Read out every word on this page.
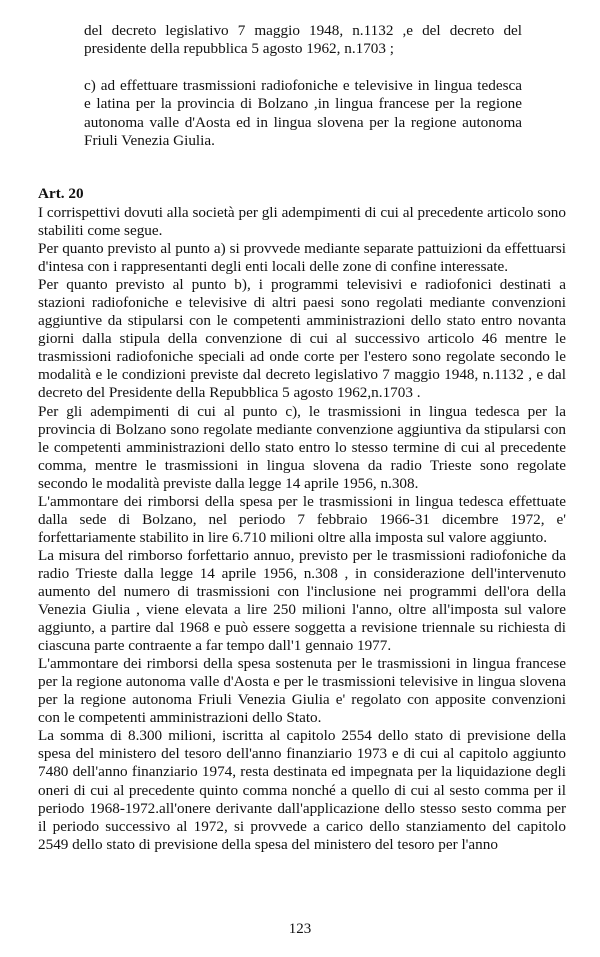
del decreto legislativo 7 maggio 1948, n.1132 ,e del decreto del presidente della repubblica 5 agosto 1962, n.1703 ;

c) ad effettuare trasmissioni radiofoniche e televisive in lingua tedesca e latina per la provincia di Bolzano ,in lingua francese per la regione autonoma valle d'Aosta ed in lingua slovena per la regione autonoma Friuli Venezia Giulia.

Art. 20

I corrispettivi dovuti alla società per gli adempimenti di cui al precedente articolo sono stabiliti come segue.

Per quanto previsto al punto a) si provvede mediante separate pattuizioni da effettuarsi d'intesa con i rappresentanti degli enti locali delle zone di confine interessate.

Per quanto previsto al punto b), i programmi televisivi e radiofonici destinati a stazioni radiofoniche e televisive di altri paesi sono regolati mediante convenzioni aggiuntive da stipularsi con le competenti amministrazioni dello stato entro novanta giorni dalla stipula della convenzione di cui al successivo articolo 46 mentre le trasmissioni radiofoniche speciali ad onde corte per l'estero sono regolate secondo le modalità e le condizioni previste dal decreto legislativo 7 maggio 1948, n.1132 , e dal decreto del Presidente della Repubblica 5 agosto 1962,n.1703 .

Per gli adempimenti di cui al punto c), le trasmissioni in lingua tedesca per la provincia di Bolzano sono regolate mediante convenzione aggiuntiva da stipularsi con le competenti amministrazioni dello stato entro lo stesso termine di cui al precedente comma, mentre le trasmissioni in lingua slovena da radio Trieste sono regolate secondo le modalità previste dalla legge 14 aprile 1956, n.308.

L'ammontare dei rimborsi della spesa per le trasmissioni in lingua tedesca effettuate dalla sede di Bolzano, nel periodo 7 febbraio 1966-31 dicembre 1972, e' forfettariamente stabilito in lire 6.710 milioni oltre alla imposta sul valore aggiunto.

La misura del rimborso forfettario annuo, previsto per le trasmissioni radiofoniche da radio Trieste dalla legge 14 aprile 1956, n.308 , in considerazione dell'intervenuto aumento del numero di trasmissioni con l'inclusione nei programmi dell'ora della Venezia Giulia , viene elevata a lire 250 milioni l'anno, oltre all'imposta sul valore aggiunto, a partire dal 1968 e può essere soggetta a revisione triennale su richiesta di ciascuna parte contraente a far tempo dall'1 gennaio 1977.

L'ammontare dei rimborsi della spesa sostenuta per le trasmissioni in lingua francese per la regione autonoma valle d'Aosta e per le trasmissioni televisive in lingua slovena per la regione autonoma Friuli Venezia Giulia e' regolato con apposite convenzioni con le competenti amministrazioni dello Stato.

La somma di 8.300 milioni, iscritta al capitolo 2554 dello stato di previsione della spesa del ministero del tesoro dell'anno finanziario 1973 e di cui al capitolo aggiunto 7480 dell'anno finanziario 1974, resta destinata ed impegnata per la liquidazione degli oneri di cui al precedente quinto comma nonché a quello di cui al sesto comma per il periodo 1968-1972.all'onere derivante dall'applicazione dello stesso sesto comma per il periodo successivo al 1972, si provvede a carico dello stanziamento del capitolo 2549 dello stato di previsione della spesa del ministero del tesoro per l'anno

123
